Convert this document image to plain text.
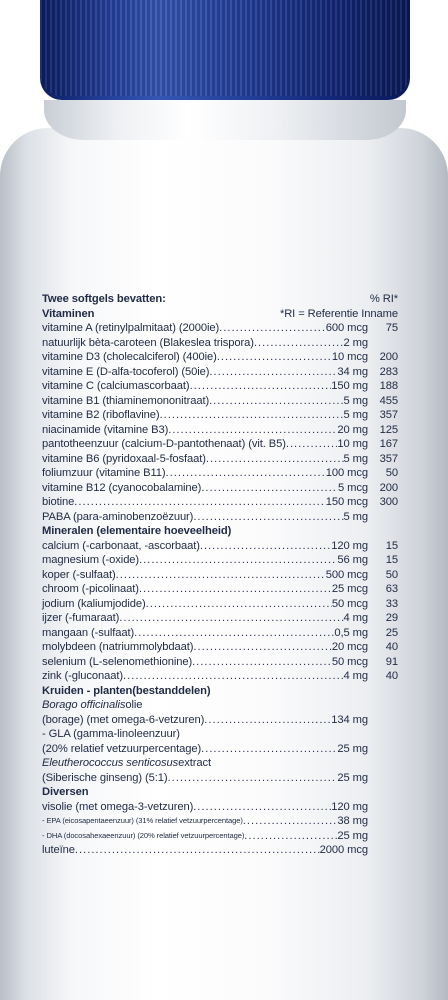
Twee softgels bevatten:	% RI*
Vitaminen	*RI = Referentie Inname
vitamine A (retinylpalmitaat) (2000ie) .....	600 mcg	75
natuurlijk bèta-caroteen (Blakeslea trispora) .....	2 mg
vitamine D3 (cholecalciferol) (400ie) .....	10 mcg	200
vitamine E (D-alfa-tocoferol) (50ie) .....	34 mg	283
vitamine C (calciumascorbaat) .....	150 mg	188
vitamine B1 (thiaminemononitraat) .....	5 mg	455
vitamine B2 (riboflavine) .....	5 mg	357
niacinamide (vitamine B3) .....	20 mg	125
pantotheenzuur (calcium-D-pantothenaat) (vit. B5) .....	10 mg	167
vitamine B6 (pyridoxaal-5-fosfaat) .....	5 mg	357
foliumzuur (vitamine B11) .....	100 mcg	50
vitamine B12 (cyanocobalamine) .....	5 mcg	200
biotine .....	150 mcg	300
PABA (para-aminobenzoëzuur) .....	5 mg
Mineralen (elementaire hoeveelheid)
calcium (-carbonaat, -ascorbaat) .....	120 mg	15
magnesium (-oxide) .....	56 mg	15
koper (-sulfaat) .....	500 mcg	50
chroom (-picolinaat) .....	25 mcg	63
jodium (kaliumjodide) .....	50 mcg	33
ijzer (-fumaraat) .....	4 mg	29
mangaan (-sulfaat) .....	0,5 mg	25
molybdeen (natriummolybdaat) .....	20 mcg	40
selenium (L-selenomethionine) .....	50 mcg	91
zink (-gluconaat) .....	4 mg	40
Kruiden - planten(bestanddelen)
Borago officinalisolie
(borage) (met omega-6-vetzuren) .....	134 mg
- GLA (gamma-linoleenzuur)
(20% relatief vetzuurpercentage) .....	25 mg
Eleutherococcus senticosusextract
(Siberische ginseng) (5:1) .....	25 mg
Diversen
visolie (met omega-3-vetzuren) .....	120 mg
- EPA (eicosapentaeenzuur) (31% relatief vetzuurpercentage) .....	38 mg
- DHA (docosahexaeenzuur) (20% relatief vetzuurpercentage) .....	25 mg
luteïne .....	2000 mcg
